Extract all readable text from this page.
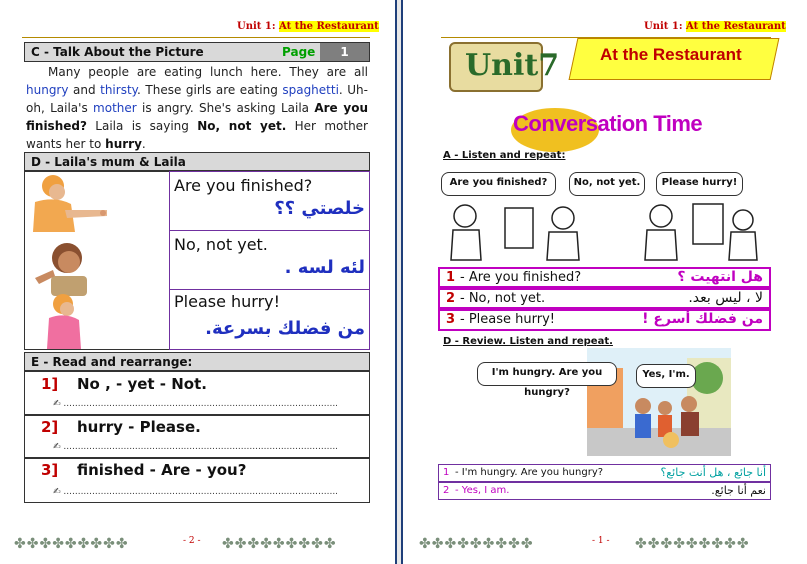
Unit 1: At the Restaurant
C - Talk About the Picture	Page	1
Many people are eating lunch here. They are all hungry and thirsty. These girls are eating spaghetti. Uh-oh, Laila's mother is angry. She's asking Laila Are you finished? Laila is saying No, not yet. Her mother wants her to hurry.
D - Laila's mum & Laila
Are you finished?
خلصتي ؟؟
No, not yet.
لئه لسه .
Please hurry!
من فضلك بسرعة.
E - Read and rearrange:
1] No , - yet - Not.
✍ ................................................................................................
2] hurry - Please.
✍ ................................................................................................
3] finished - Are - you?
✍ ................................................................................................
✤✤✤✤✤✤✤✤✤	- 2 - ✤✤✤✤✤✤✤✤✤
Unit 1: At the Restaurant
Unit7 At the Restaurant
Conversation Time
A - Listen and repeat:
Are you finished?	No, not yet.	Please hurry!
1 - Are you finished?	هل انتهيت ؟
2 - No, not yet.	لا ، ليس بعد.
3 - Please hurry!	من فضلك أسرع !
D - Review. Listen and repeat.
I'm hungry. Are you hungry?
Yes, I'm.
1 - I'm hungry. Are you hungry?	أنا جائع ، هل أنت جائع؟
2 - Yes, I am.	نعم أنا جائع.
✤✤✤✤✤✤✤✤✤	- 1 - ✤✤✤✤✤✤✤✤✤
